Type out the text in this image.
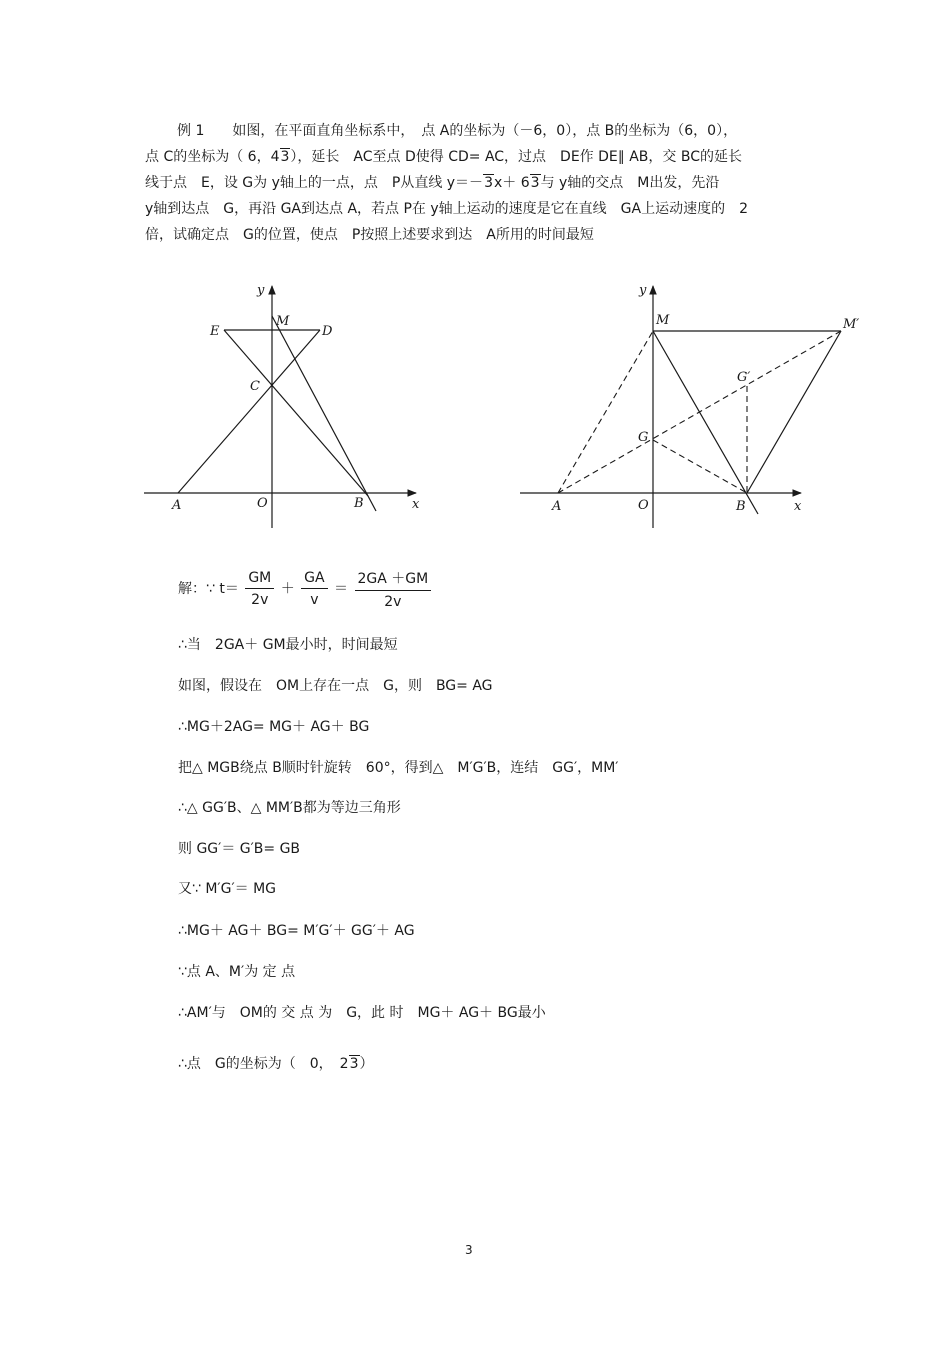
例 1　　如图，在平面直角坐标系中，　点 A的坐标为（－6，0），点 B的坐标为（6，0），
点 C的坐标为（ 6，43），延长　AC至点 D使得 CD= AC，过点　DE作 DE∥ AB，交 BC的延长
线于点　E，设 G为 y轴上的一点，点　P从直线 y＝－3x＋ 63与 y轴的交点　M出发，先沿
y轴到达点　G，再沿 GA到达点 A，若点 P在 y轴上运动的速度是它在直线　GA上运动速度的　2
倍，试确定点　G的位置，使点　P按照上述要求到达　A所用的时间最短
y
M
E	D
C
A	O	B	x
y
M	M′
G′
G
A	O	B	x
解：∵ $t= \frac{GM}{2v} + \frac{GA}{v} = \frac{2GA +GM}{2v}$
∴当　2GA＋ GM最小时，时间最短
如图，假设在　OM上存在一点　G，则　BG= AG
∴MG＋2AG= MG＋ AG＋ BG
把△ MGB绕点 B顺时针旋转　60°，得到△　M′G′B，连结　GG′，MM′
∴△ GG′B、△ MM′B都为等边三角形
则 GG′＝ G′B= GB
又∵ M′G′＝ MG
∴MG＋ AG＋ BG= M′G′＋ GG′＋ AG
∵点 A、M′为 定 点
∴AM′与　OM的 交 点 为　G，此 时　MG＋ AG＋ BG最小
∴点　G的坐标为（　0，　23）
3
